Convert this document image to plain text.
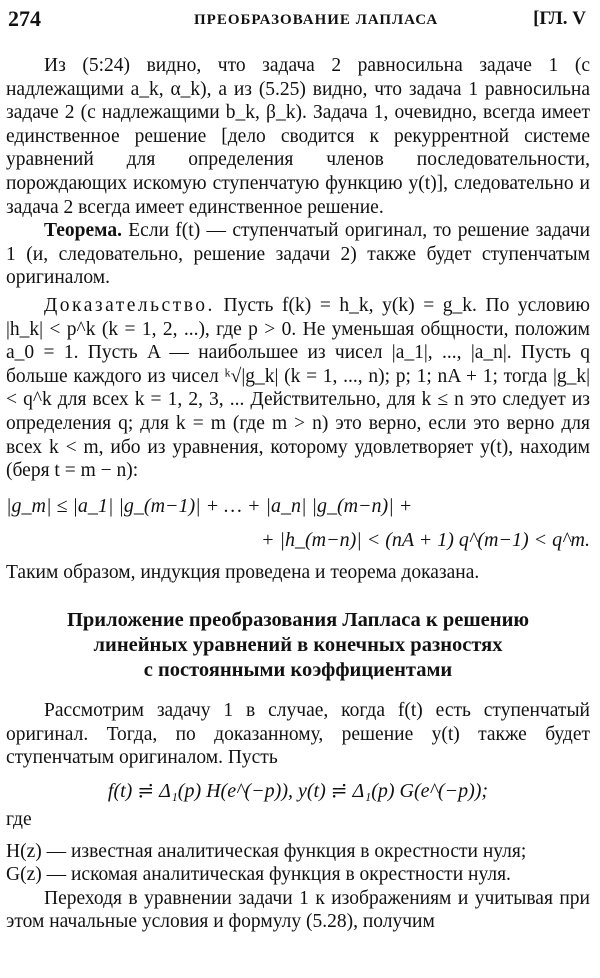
274	ПРЕОБРАЗОВАНИЕ ЛАПЛАСА	[ГЛ. V

Из (5:24) видно, что задача 2 равносильна задаче 1 (с надлежащими a_k, α_k), а из (5.25) видно, что задача 1 равносильна задаче 2 (с надлежащими b_k, β_k). Задача 1, очевидно, всегда имеет единственное решение [дело сводится к рекуррентной системе уравнений для определения членов последовательности, порождающих искомую ступенчатую функцию y(t)], следовательно и задача 2 всегда имеет единственное решение.

Теорема. Если f(t) — ступенчатый оригинал, то решение задачи 1 (и, следовательно, решение задачи 2) также будет ступенчатым оригиналом.

Доказательство. Пусть f(k) = h_k, y(k) = g_k. По условию |h_k| < p^k (k = 1, 2, ...), где p > 0. Не уменьшая общности, положим a_0 = 1. Пусть A — наибольшее из чисел |a_1|, ..., |a_n|. Пусть q больше каждого из чисел ᵏ√|g_k| (k = 1, ..., n); p; 1; nA + 1; тогда |g_k| < q^k для всех k = 1, 2, 3, ... Действительно, для k ≤ n это следует из определения q; для k = m (где m > n) это верно, если это верно для всех k < m, ибо из уравнения, которому удовлетворяет y(t), находим (беря t = m − n):

|g_m| ≤ |a_1| |g_(m−1)| + … + |a_n| |g_(m−n)| +
+ |h_(m−n)| < (nA + 1) q^(m−1) < q^m.

Таким образом, индукция проведена и теорема доказана.

Приложение преобразования Лапласа к решению

линейных уравнений в конечных разностях

с постоянными коэффициентами

Рассмотрим задачу 1 в случае, когда f(t) есть ступенчатый оригинал. Тогда, по доказанному, решение y(t) также будет ступенчатым оригиналом. Пусть

f(t) ≓ Δ₁(p) H(e^(−p)), y(t) ≓ Δ₁(p) G(e^(−p));

где

H(z) — известная аналитическая функция в окрестности нуля;

G(z) — искомая аналитическая функция в окрестности нуля.

Переходя в уравнении задачи 1 к изображениям и учитывая при этом начальные условия и формулу (5.28), получим
